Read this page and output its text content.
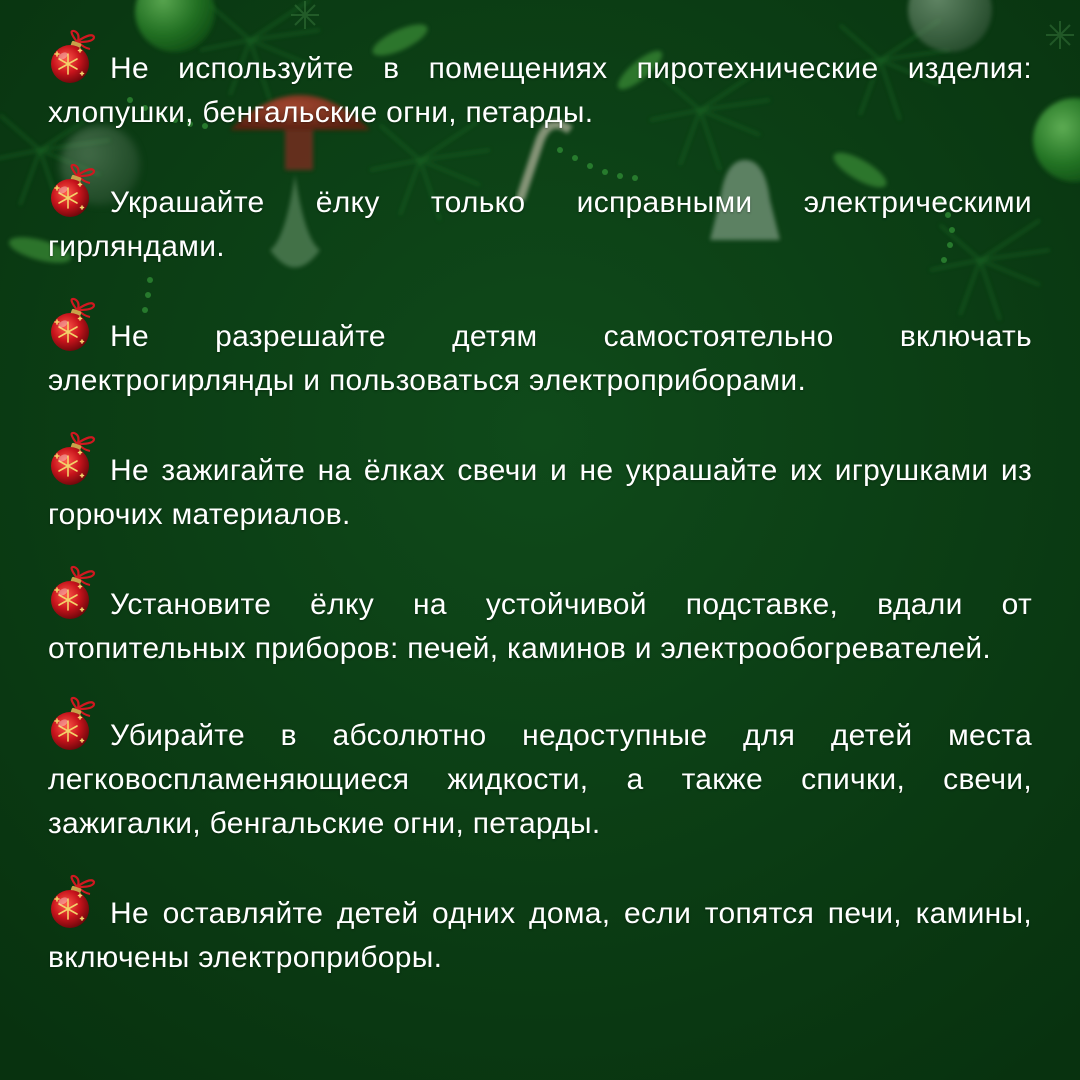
Не используйте в помещениях пиротехнические изделия: хлопушки, бенгальские огни, петарды.
Украшайте ёлку только исправными электрическими гирляндами.
Не разрешайте детям самостоятельно включать электрогирлянды и пользоваться электроприборами.
Не зажигайте на ёлках свечи и не украшайте их игрушками из горючих материалов.
Установите ёлку на устойчивой подставке, вдали от отопительных приборов: печей, каминов и электрообогревателей.
Убирайте в абсолютно недоступные для детей места легковоспламеняющиеся жидкости, а также спички, свечи, зажигалки, бенгальские огни, петарды.
Не оставляйте детей одних дома, если топятся печи, камины, включены электроприборы.
